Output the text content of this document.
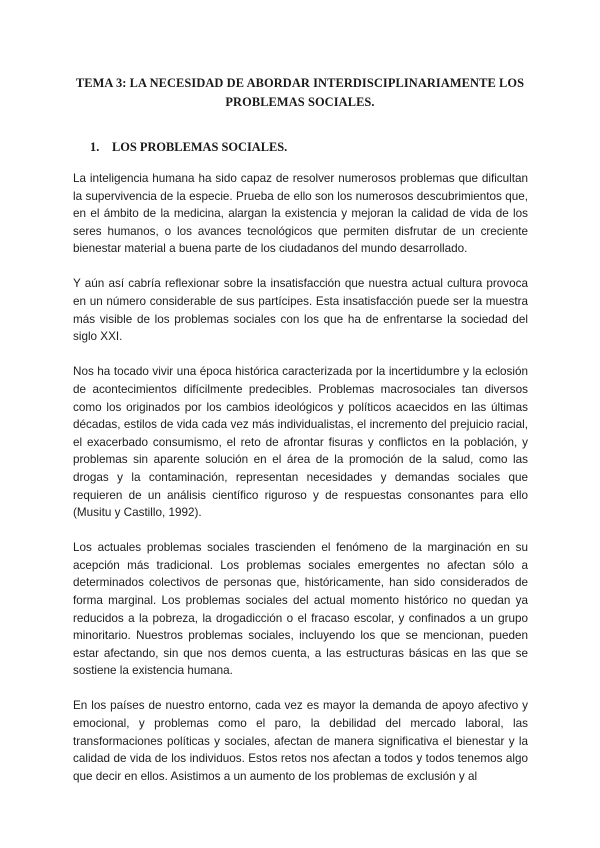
TEMA 3: LA NECESIDAD DE ABORDAR INTERDISCIPLINARIAMENTE LOS PROBLEMAS SOCIALES.
1. LOS PROBLEMAS SOCIALES.

La inteligencia humana ha sido capaz de resolver numerosos problemas que dificultan la supervivencia de la especie. Prueba de ello son los numerosos descubrimientos que, en el ámbito de la medicina, alargan la existencia y mejoran la calidad de vida de los seres humanos, o los avances tecnológicos que permiten disfrutar de un creciente bienestar material a buena parte de los ciudadanos del mundo desarrollado.

Y aún así cabría reflexionar sobre la insatisfacción que nuestra actual cultura provoca en un número considerable de sus partícipes. Esta insatisfacción puede ser la muestra más visible de los problemas sociales con los que ha de enfrentarse la sociedad del siglo XXI.

Nos ha tocado vivir una época histórica caracterizada por la incertidumbre y la eclosión de acontecimientos difícilmente predecibles. Problemas macrosociales tan diversos como los originados por los cambios ideológicos y políticos acaecidos en las últimas décadas, estilos de vida cada vez más individualistas, el incremento del prejuicio racial, el exacerbado consumismo, el reto de afrontar fisuras y conflictos en la población, y problemas sin aparente solución en el área de la promoción de la salud, como las drogas y la contaminación, representan necesidades y demandas sociales que requieren de un análisis científico riguroso y de respuestas consonantes para ello (Musitu y Castillo, 1992).

Los actuales problemas sociales trascienden el fenómeno de la marginación en su acepción más tradicional. Los problemas sociales emergentes no afectan sólo a determinados colectivos de personas que, históricamente, han sido considerados de forma marginal. Los problemas sociales del actual momento histórico no quedan ya reducidos a la pobreza, la drogadicción o el fracaso escolar, y confinados a un grupo minoritario. Nuestros problemas sociales, incluyendo los que se mencionan, pueden estar afectando, sin que nos demos cuenta, a las estructuras básicas en las que se sostiene la existencia humana.

En los países de nuestro entorno, cada vez es mayor la demanda de apoyo afectivo y emocional, y problemas como el paro, la debilidad del mercado laboral, las transformaciones políticas y sociales, afectan de manera significativa el bienestar y la calidad de vida de los individuos. Estos retos nos afectan a todos y todos tenemos algo que decir en ellos. Asistimos a un aumento de los problemas de exclusión y al
